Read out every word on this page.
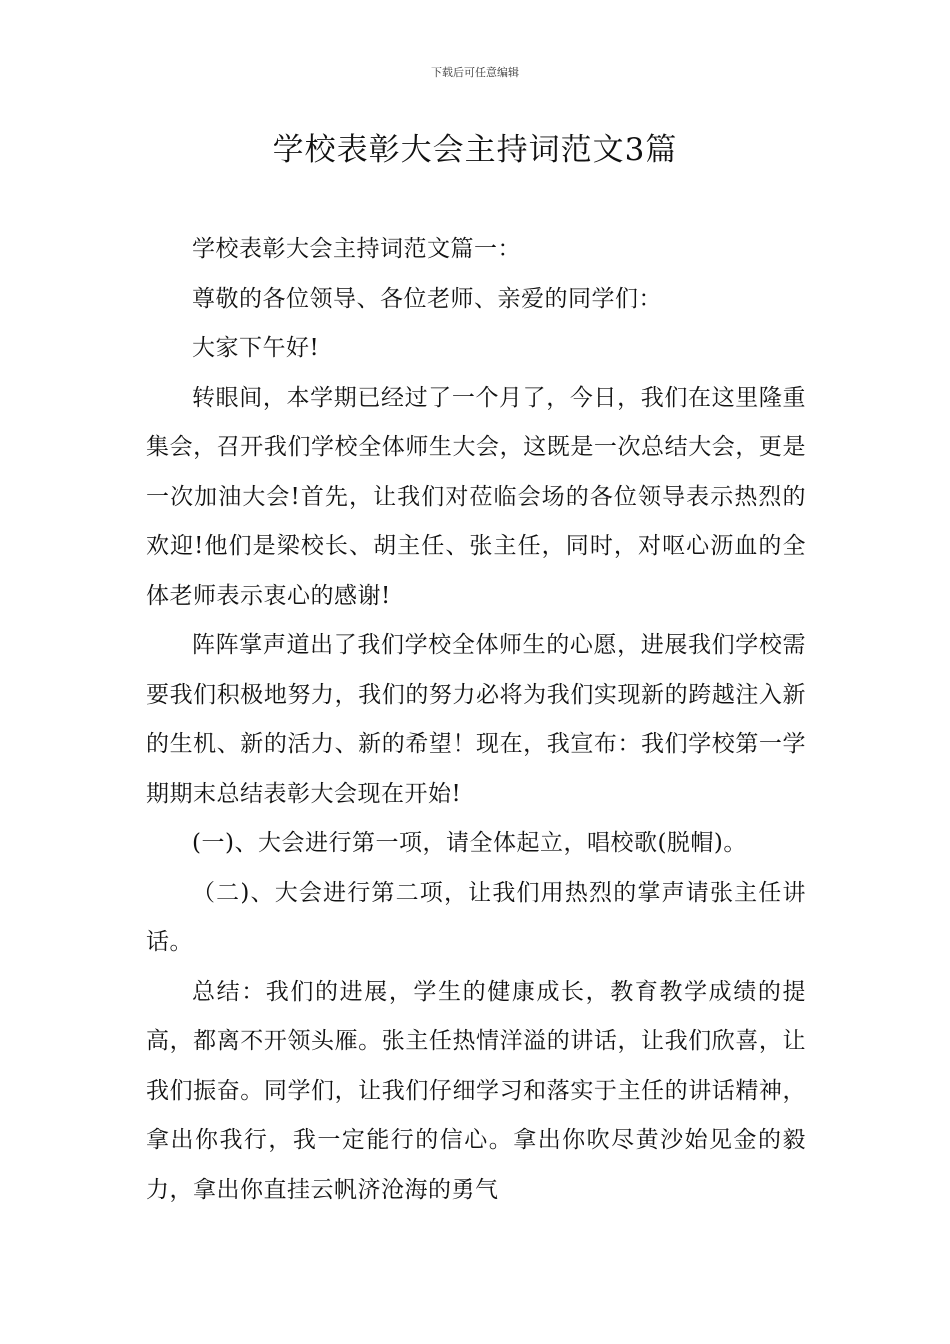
下载后可任意编辑
学校表彰大会主持词范文3篇

学校表彰大会主持词范文篇一：

尊敬的各位领导、各位老师、亲爱的同学们：

大家下午好!

转眼间，本学期已经过了一个月了，今日，我们在这里隆重集会，召开我们学校全体师生大会，这既是一次总结大会，更是一次加油大会!首先，让我们对莅临会场的各位领导表示热烈的欢迎!他们是梁校长、胡主任、张主任，同时，对呕心沥血的全体老师表示衷心的感谢!

阵阵掌声道出了我们学校全体师生的心愿，进展我们学校需要我们积极地努力，我们的努力必将为我们实现新的跨越注入新的生机、新的活力、新的希望！现在，我宣布：我们学校第一学期期末总结表彰大会现在开始!

(一)、大会进行第一项，请全体起立，唱校歌(脱帽)。

（二)、大会进行第二项，让我们用热烈的掌声请张主任讲话。

总结：我们的进展，学生的健康成长，教育教学成绩的提高，都离不开领头雁。张主任热情洋溢的讲话，让我们欣喜，让我们振奋。同学们，让我们仔细学习和落实于主任的讲话精神，拿出你我行，我一定能行的信心。拿出你吹尽黄沙始见金的毅力，拿出你直挂云帆济沧海的勇气
